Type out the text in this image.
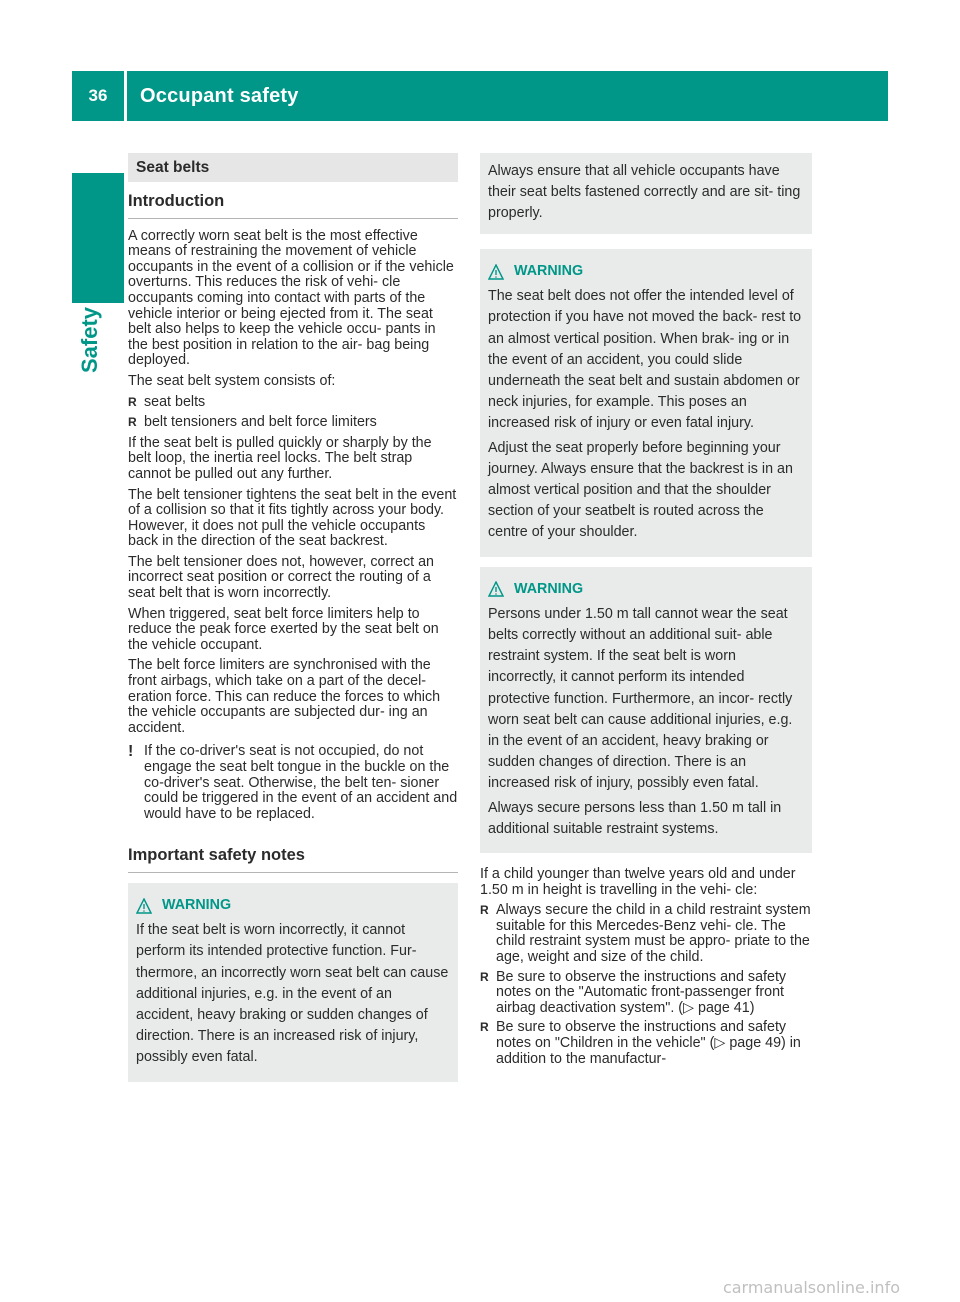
36	Occupant safety
Safety
Seat belts
Introduction

A correctly worn seat belt is the most effective means of restraining the movement of vehicle occupants in the event of a collision or if the vehicle overturns. This reduces the risk of vehi- cle occupants coming into contact with parts of the vehicle interior or being ejected from it. The seat belt also helps to keep the vehicle occu- pants in the best position in relation to the air- bag being deployed.

The seat belt system consists of:

R seat belts
R belt tensioners and belt force limiters

If the seat belt is pulled quickly or sharply by the belt loop, the inertia reel locks. The belt strap cannot be pulled out any further.

The belt tensioner tightens the seat belt in the event of a collision so that it fits tightly across your body. However, it does not pull the vehicle occupants back in the direction of the seat backrest.

The belt tensioner does not, however, correct an incorrect seat position or correct the routing of a seat belt that is worn incorrectly.

When triggered, seat belt force limiters help to reduce the peak force exerted by the seat belt on the vehicle occupant.

The belt force limiters are synchronised with the front airbags, which take on a part of the decel- eration force. This can reduce the forces to which the vehicle occupants are subjected dur- ing an accident.

! If the co-driver's seat is not occupied, do not engage the seat belt tongue in the buckle on the co-driver's seat. Otherwise, the belt ten- sioner could be triggered in the event of an accident and would have to be replaced.
Important safety notes
WARNING

If the seat belt is worn incorrectly, it cannot perform its intended protective function. Fur- thermore, an incorrectly worn seat belt can cause additional injuries, e.g. in the event of an accident, heavy braking or sudden changes of direction. There is an increased risk of injury, possibly even fatal.

Always ensure that all vehicle occupants have their seat belts fastened correctly and are sit- ting properly.

WARNING

The seat belt does not offer the intended level of protection if you have not moved the back- rest to an almost vertical position. When brak- ing or in the event of an accident, you could slide underneath the seat belt and sustain abdomen or neck injuries, for example. This poses an increased risk of injury or even fatal injury.

Adjust the seat properly before beginning your journey. Always ensure that the backrest is in an almost vertical position and that the shoulder section of your seatbelt is routed across the centre of your shoulder.

WARNING

Persons under 1.50 m tall cannot wear the seat belts correctly without an additional suit- able restraint system. If the seat belt is worn incorrectly, it cannot perform its intended protective function. Furthermore, an incor- rectly worn seat belt can cause additional injuries, e.g. in the event of an accident, heavy braking or sudden changes of direction. There is an increased risk of injury, possibly even fatal.

Always secure persons less than 1.50 m tall in additional suitable restraint systems.

If a child younger than twelve years old and under 1.50 m in height is travelling in the vehi- cle:

R Always secure the child in a child restraint system suitable for this Mercedes-Benz vehi- cle. The child restraint system must be appro- priate to the age, weight and size of the child.
R Be sure to observe the instructions and safety notes on the "Automatic front-passenger front airbag deactivation system". (▷ page 41)
R Be sure to observe the instructions and safety notes on "Children in the vehicle" (▷ page 49) in addition to the manufactur-
carmanualsonline.info
